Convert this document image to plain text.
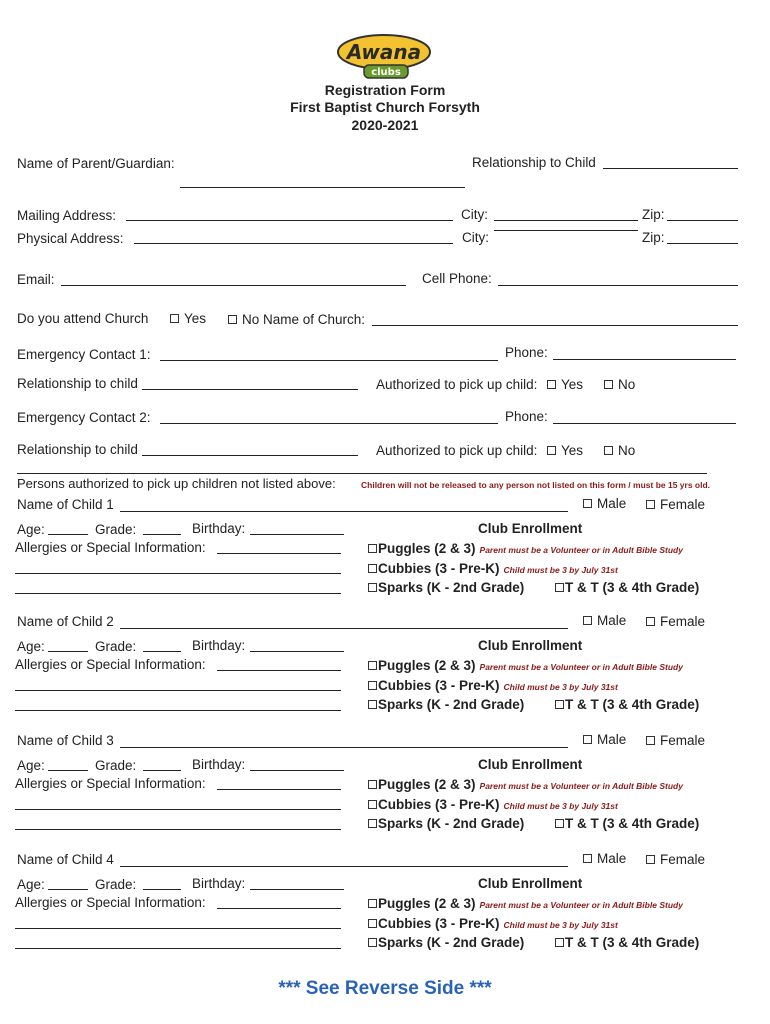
Awana
clubs
Registration Form
First Baptist Church Forsyth
2020-2021
Name of Parent/Guardian:	Relationship to Child
Mailing Address:	City:	Zip:
Physical Address:	City:	Zip:
Email:	Cell Phone:
Do you attend Church	Yes	No Name of Church:
Emergency Contact 1:	Phone:
Relationship to child	Authorized to pick up child:	Yes	No
Emergency Contact 2:	Phone:
Relationship to child	Authorized to pick up child:	Yes	No
Persons authorized to pick up children not listed above:	Children will not be released to any person not listed on this form / must be 15 yrs old.
Name of Child 1	Male	Female
Age:	Grade:	Birthday:
Allergies or Special Information:
Club Enrollment
Puggles (2 & 3) Parent must be a Volunteer or in Adult Bible Study
Cubbies (3 - Pre-K) Child must be 3 by July 31st
Sparks (K - 2nd Grade)	T & T (3 & 4th Grade)
Name of Child 2	Male	Female
Age:	Grade:	Birthday:
Allergies or Special Information:
Club Enrollment
Puggles (2 & 3) Parent must be a Volunteer or in Adult Bible Study
Cubbies (3 - Pre-K) Child must be 3 by July 31st
Sparks (K - 2nd Grade)	T & T (3 & 4th Grade)
Name of Child 3	Male	Female
Age:	Grade:	Birthday:
Allergies or Special Information:
Club Enrollment
Puggles (2 & 3) Parent must be a Volunteer or in Adult Bible Study
Cubbies (3 - Pre-K) Child must be 3 by July 31st
Sparks (K - 2nd Grade)	T & T (3 & 4th Grade)
Name of Child 4	Male	Female
Age:	Grade:	Birthday:
Allergies or Special Information:
Club Enrollment
Puggles (2 & 3) Parent must be a Volunteer or in Adult Bible Study
Cubbies (3 - Pre-K) Child must be 3 by July 31st
Sparks (K - 2nd Grade)	T & T (3 & 4th Grade)
*** See Reverse Side ***
